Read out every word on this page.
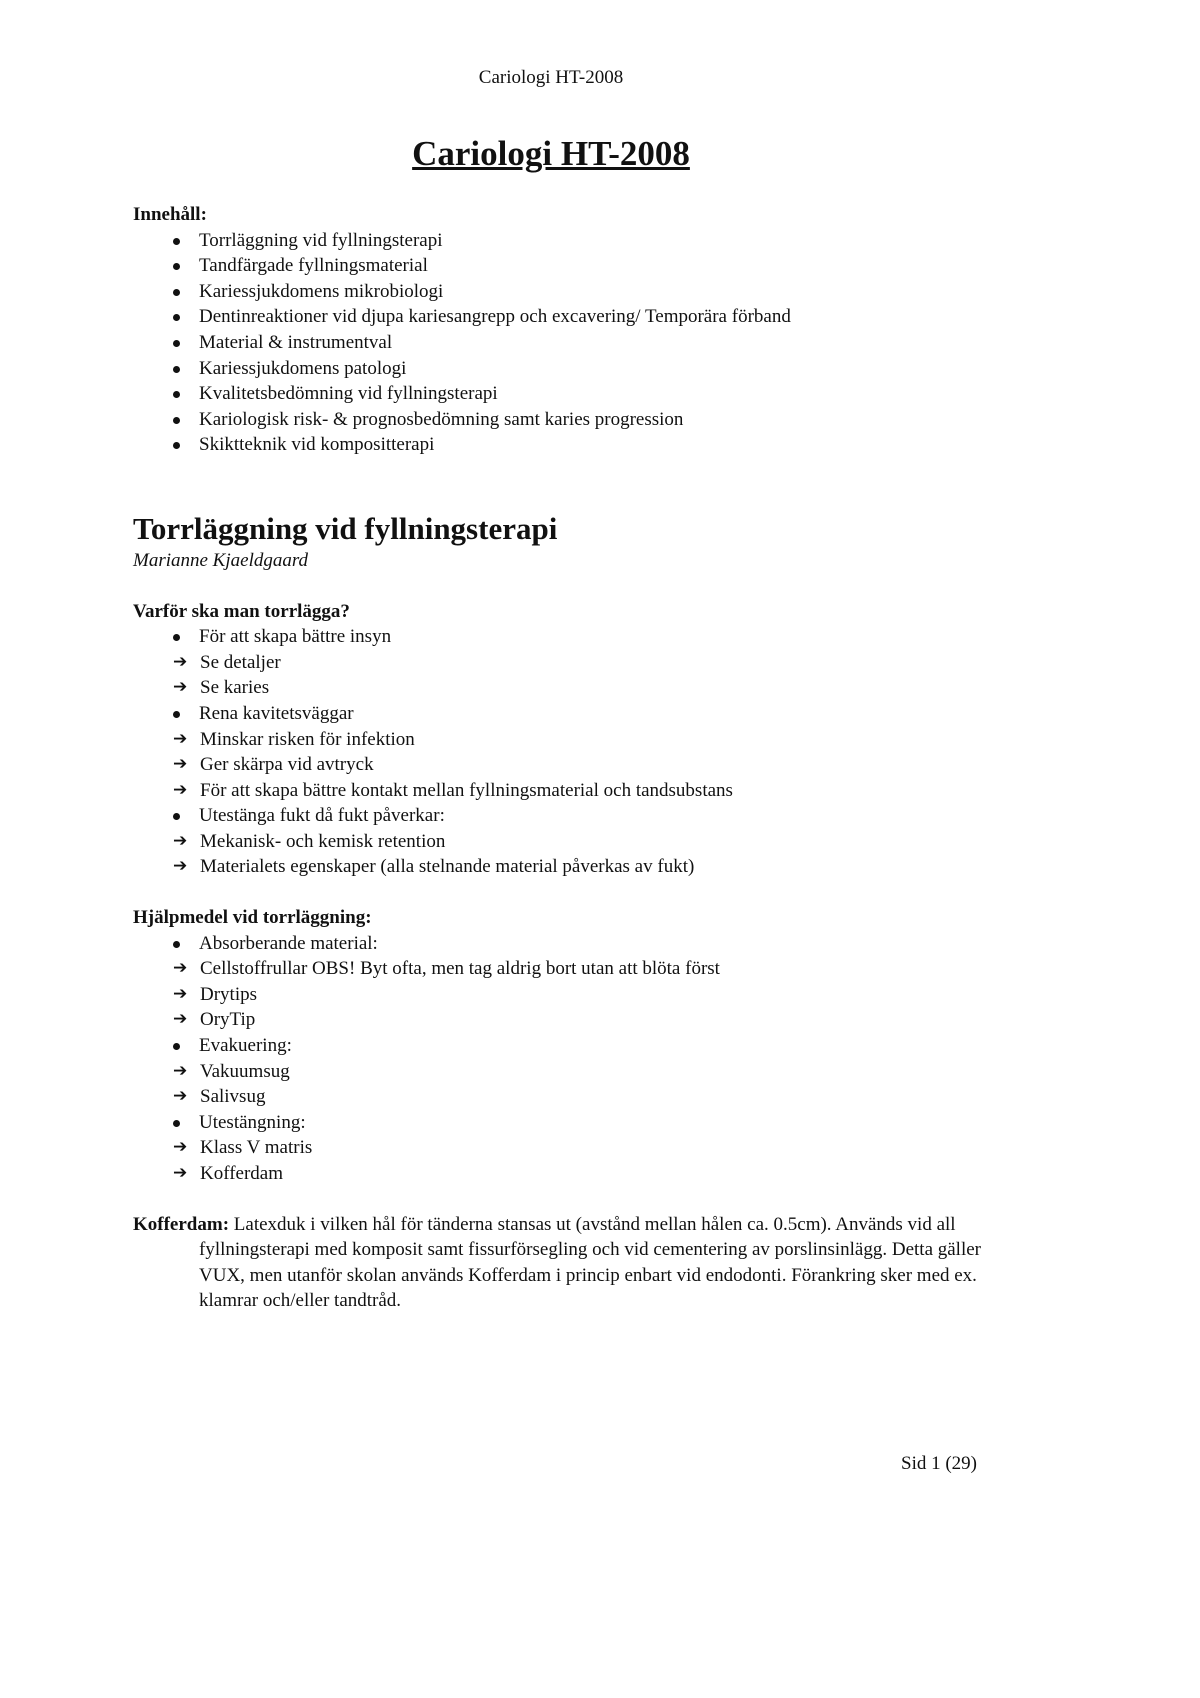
Cariologi HT-2008
Cariologi HT-2008
Innehåll:
Torrläggning vid fyllningsterapi
Tandfärgade fyllningsmaterial
Kariessjukdomens mikrobiologi
Dentinreaktioner vid djupa kariesangrepp och excavering/ Temporära förband
Material & instrumentval
Kariessjukdomens patologi
Kvalitetsbedömning vid fyllningsterapi
Kariologisk risk- & prognosbedömning samt karies progression
Skiktteknik vid kompositterapi
Torrläggning vid fyllningsterapi
Marianne Kjaeldgaard
Varför ska man torrlägga?
För att skapa bättre insyn
➔ Se detaljer
➔ Se karies
Rena kavitetsväggar
➔ Minskar risken för infektion
➔ Ger skärpa vid avtryck
➔ För att skapa bättre kontakt mellan fyllningsmaterial och tandsubstans
Utestänga fukt då fukt påverkar:
➔ Mekanisk- och kemisk retention
➔ Materialets egenskaper (alla stelnande material påverkas av fukt)
Hjälpmedel vid torrläggning:
Absorberande material:
➔ Cellstoffrullar OBS! Byt ofta, men tag aldrig bort utan att blöta först
➔ Drytips
➔ OryTip
Evakuering:
➔ Vakuumsug
➔ Salivsug
Utestängning:
➔ Klass V matris
➔ Kofferdam
Kofferdam: Latexduk i vilken hål för tänderna stansas ut (avstånd mellan hålen ca. 0.5cm). Används vid all fyllningsterapi med komposit samt fissurförsegling och vid cementering av porslinsinlägg. Detta gäller VUX, men utanför skolan används Kofferdam i princip enbart vid endodonti. Förankring sker med ex. klamrar och/eller tandtråd.
Sid 1 (29)
